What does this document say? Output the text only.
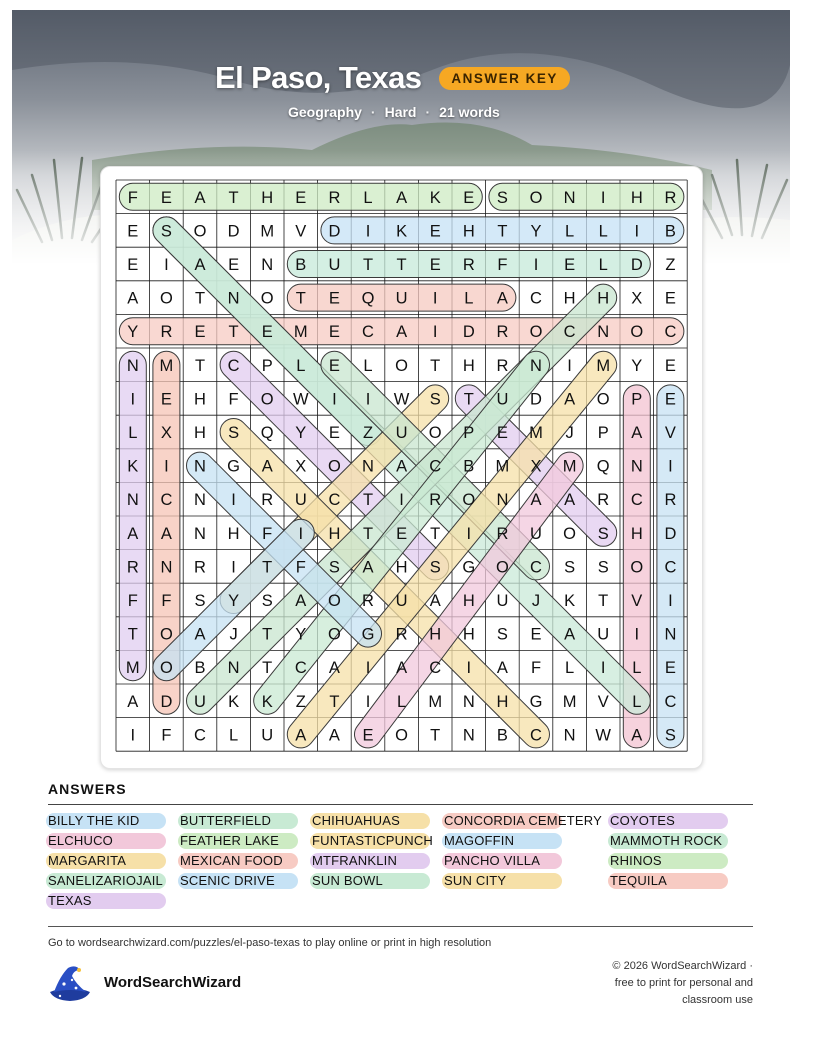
El Paso, Texas	ANSWER KEY
Geography · Hard · 21 words
F E A T H E R L A K E S O N I H R
E S O D M V D I K E H T Y L L I B
E I A E N B U T T E R F I E L D Z
A O T N O T E Q U I L A C H H X E
Y R E T E M E C A I D R O C N O C
N M T C P L E L O T H R N I M Y E
I E H F O W I I W S T U D A O P E
L X H S Q Y E Z U O P E M J P A V
K I N G A X O N A C B M X M Q N I
N C N I R U C T I R O N A A R C R
A A N H F I H T E T I R U O S H D
R N R I T F S A H S G O C S S O C
F F S Y S A O R U A H U J K T V I
T O A J T Y O G R H H S E A U I N
M O B N T C A I A C I A F L I L E
A D U K K Z T I L M N H G M V L C
I F C L U A A E O T N B C N W A S
ANSWERS
BILLY THE KID	BUTTERFIELD	CHIHUAHUAS	CONCORDIA CEMETERY COYOTES
ELCHUCO	FEATHER LAKE	FUNTASTICPUNCH MAGOFFIN	MAMMOTH ROCK
MARGARITA	MEXICAN FOOD MTFRANKLIN	PANCHO VILLA	RHINOS
SANELIZARIOJAIL SCENIC DRIVE	SUN BOWL	SUN CITY	TEQUILA
TEXAS
Go to wordsearchwizard.com/puzzles/el-paso-texas to play online or print in high resolution
WordSearchWizard
© 2026 WordSearchWizard ·
free to print for personal and
classroom use
